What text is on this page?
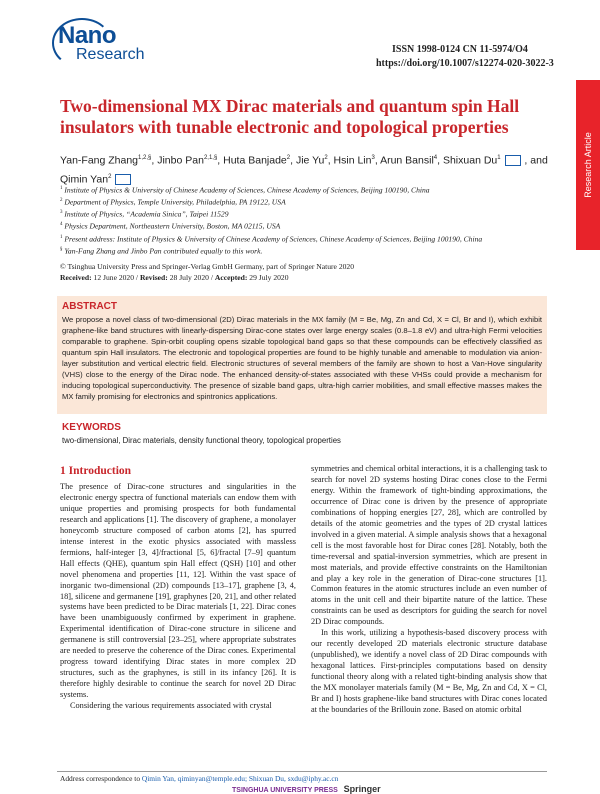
Research Article
Nano
Research	ISSN 1998-0124 CN 11-5974/O4
https://doi.org/10.1007/s12274-020-3022-3
Two-dimensional MX Dirac materials and quantum spin Hall insulators with tunable electronic and topological properties
Yan-Fang Zhang$^{1,2,\S}$, Jinbo Pan$^{2,1,\S}$, Huta Banjade$^2$, Jie Yu$^2$, Hsin Lin$^3$, Arun Bansil$^4$, Shixuan Du$^1$  , and Qimin Yan$^2$
$^1$ Institute of Physics & University of Chinese Academy of Sciences, Chinese Academy of Sciences, Beijing 100190, China
$^2$ Department of Physics, Temple University, Philadelphia, PA 19122, USA
$^3$ Institute of Physics, “Academia Sinica”, Taipei 11529
$^4$ Physics Department, Northeastern University, Boston, MA 02115, USA
$^1$ Present address: Institute of Physics & University of Chinese Academy of Sciences, Chinese Academy of Sciences, Beijing 100190, China
§ Yan-Fang Zhang and Jinbo Pan contributed equally to this work.
© Tsinghua University Press and Springer-Verlag GmbH Germany, part of Springer Nature 2020
Received: 12 June 2020 / Revised: 28 July 2020 / Accepted: 29 July 2020
ABSTRACT
We propose a novel class of two-dimensional (2D) Dirac materials in the MX family (M = Be, Mg, Zn and Cd, X = Cl, Br and I), which exhibit graphene-like band structures with linearly-dispersing Dirac-cone states over large energy scales (0.8–1.8 eV) and ultra-high Fermi velocities comparable to graphene. Spin-orbit coupling opens sizable topological band gaps so that these compounds can be effectively classified as quantum spin Hall insulators. The electronic and topological properties are found to be highly tunable and amenable to modulation via anion-layer substitution and vertical electric field. Electronic structures of several members of the family are shown to host a Van-Hove singularity (VHS) close to the energy of the Dirac node. The enhanced density-of-states associated with these VHSs could provide a mechanism for inducing topological superconductivity. The presence of sizable band gaps, ultra-high carrier mobilities, and small effective masses makes the MX family promising for electronics and spintronics applications.
KEYWORDS
two-dimensional, Dirac materials, density functional theory, topological properties
1 Introduction

The presence of Dirac-cone structures and singularities in the electronic energy spectra of functional materials can endow them with unique properties and promising prospects for both fundamental research and applications [1]. The discovery of graphene, a monolayer honeycomb structure composed of carbon atoms [2], has spurred intense interest in the exotic physics associated with massless fermions, half-integer [3, 4]/fractional [5, 6]/fractal [7–9] quantum Hall effects (QHE), quantum spin Hall effect (QSH) [10] and other novel phenomena and properties [11, 12]. Within the vast space of inorganic two-dimensional (2D) compounds [13–17], graphene [3, 4, 18], silicene and germanene [19], graphynes [20, 21], and other related systems have been predicted to be Dirac materials [1, 22]. Dirac cones have been unambiguously confirmed by experiment in graphene. Experimental identification of Dirac-cone structure in silicene and germanene is still controversial [23–25], where appropriate substrates are needed to preserve the coherence of the Dirac cones. Experimental progress toward identifying Dirac states in more complex 2D structures, such as the graphynes, is still in its infancy [26]. It is therefore highly desirable to continue the search for novel 2D Dirac systems.

Considering the various requirements associated with crystal

symmetries and chemical orbital interactions, it is a challenging task to search for novel 2D systems hosting Dirac cones close to the Fermi energy. Within the framework of tight-binding approximations, the occurrence of Dirac cone is driven by the presence of appropriate combinations of hopping energies [27, 28], which are controlled by details of the atomic geometries and the types of 2D crystal lattices involved in a given material. A simple analysis shows that a hexagonal cell is the most favorable host for Dirac cones [28]. Notably, both the time-reversal and spatial-inversion symmetries, which are present in most materials, and provide effective constraints on the Hamiltonian and play a key role in the generation of Dirac-cone structures [1]. Common features in the atomic structures include an even number of atoms in the unit cell and their bipartite nature of the lattice. These constraints can be used as descriptors for guiding the search for novel 2D Dirac compounds.

In this work, utilizing a hypothesis-based discovery process with our recently developed 2D materials electronic structure database (unpublished), we identify a novel class of 2D Dirac compounds with hexagonal lattices. First-principles computations based on density functional theory along with a related tight-binding analysis show that the MX monolayer materials family (M = Be, Mg, Zn and Cd, X = Cl, Br and I) hosts graphene-like band structures with Dirac cones located at the boundaries of the Brillouin zone. Based on atomic orbital

Address correspondence to Qimin Yan, qiminyan@temple.edu; Shixuan Du, sxdu@iphy.ac.cn
TSINGHUA UNIVERSITY PRESS Springer
